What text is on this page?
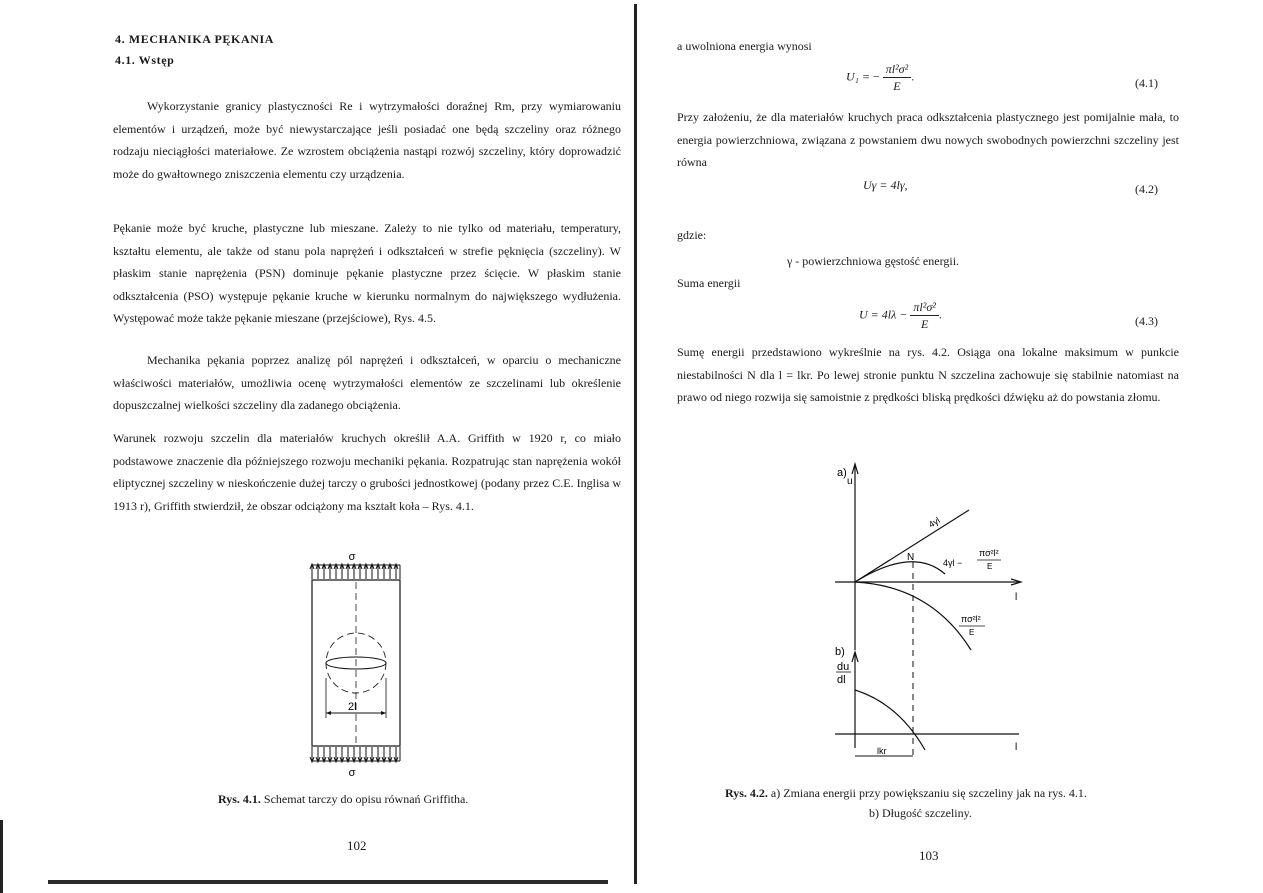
4. MECHANIKA PĘKANIA
4.1. Wstęp
Wykorzystanie granicy plastyczności Re i wytrzymałości doraźnej Rm, przy wymiarowaniu elementów i urządzeń, może być niewystarczające jeśli posiadać one będą szczeliny oraz różnego rodzaju nieciągłości materiałowe. Ze wzrostem obciążenia nastąpi rozwój szczeliny, który doprowadzić może do gwałtownego zniszczenia elementu czy urządzenia.
Pękanie może być kruche, plastyczne lub mieszane. Zależy to nie tylko od materiału, temperatury, kształtu elementu, ale także od stanu pola naprężeń i odkształceń w strefie pęknięcia (szczeliny). W płaskim stanie naprężenia (PSN) dominuje pękanie plastyczne przez ścięcie. W płaskim stanie odkształcenia (PSO) występuje pękanie kruche w kierunku normalnym do największego wydłużenia. Występować może także pękanie mieszane (przejściowe), Rys. 4.5.
Mechanika pękania poprzez analizę pól naprężeń i odkształceń, w oparciu o mechaniczne właściwości materiałów, umożliwia ocenę wytrzymałości elementów ze szczelinami lub określenie dopuszczalnej wielkości szczeliny dla zadanego obciążenia.
Warunek rozwoju szczelin dla materiałów kruchych określił A.A. Griffith w 1920 r, co miało podstawowe znaczenie dla późniejszego rozwoju mechaniki pękania. Rozpatrując stan naprężenia wokół eliptycznej szczeliny w nieskończenie dużej tarczy o grubości jednostkowej (podany przez C.E. Inglisa w 1913 r), Griffith stwierdził, że obszar odciążony ma kształt koła – Rys. 4.1.
σ
2l
σ
Rys. 4.1. Schemat tarczy do opisu równań Griffitha.
102
a uwolniona energia wynosi
U₁ = − $\frac{\text{πl²σ²}}{E}$ .	(4.1)
Przy założeniu, że dla materiałów kruchych praca odkształcenia plastycznego jest pomijalnie mała, to energia powierzchniowa, związana z powstaniem dwu nowych swobodnych powierzchni szczeliny jest równa
Uγ = 4lγ,	(4.2)
gdzie:
γ - powierzchniowa gęstość energii.
Suma energii
$U = 4l\lambda - \frac{\text{πl²σ²}}{E}$ .	(4.3)
Sumę energii przedstawiono wykreślnie na rys. 4.2. Osiąga ona lokalne maksimum w punkcie niestabilności N dla l = lkr. Po lewej stronie punktu N szczelina zachowuje się stabilnie natomiast na prawo od niego rozwija się samoistnie z prędkości bliską prędkości dźwięku aż do powstania złomu.
a)
u
4γl
N	4γl −
πσ²l²
E
l
πσ²l²
E
b)
du
dl
l
lkr
Rys. 4.2. a) Zmiana energii przy powiększaniu się szczeliny jak na rys. 4.1.
b) Długość szczeliny.
103
